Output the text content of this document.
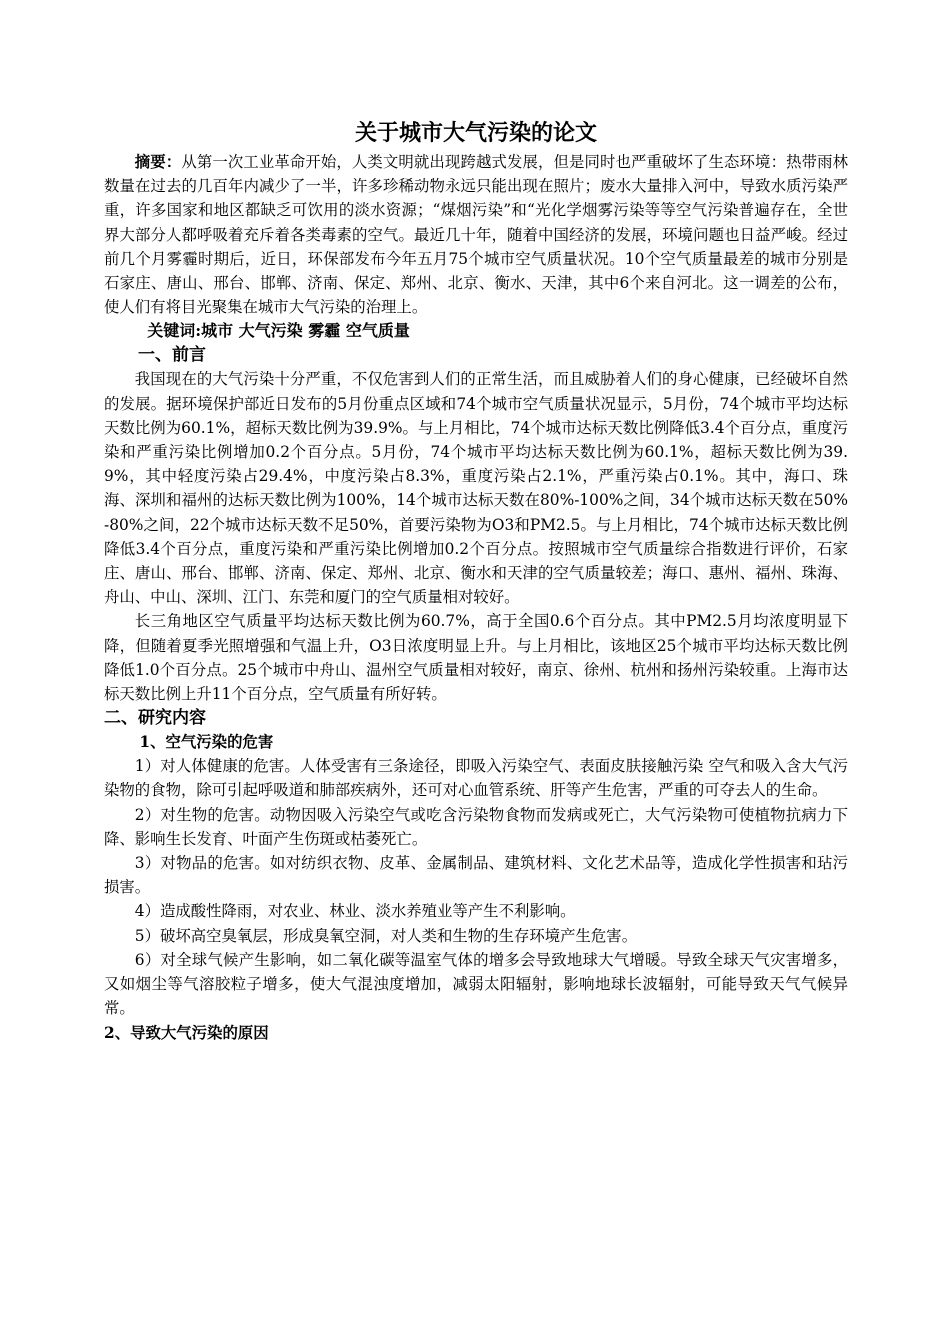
关于城市大气污染的论文

摘要：从第一次工业革命开始，人类文明就出现跨越式发展，但是同时也严重破坏了生态环境：热带雨林数量在过去的几百年内减少了一半，许多珍稀动物永远只能出现在照片；废水大量排入河中，导致水质污染严重，许多国家和地区都缺乏可饮用的淡水资源；“煤烟污染”和“光化学烟雾污染等等空气污染普遍存在，全世界大部分人都呼吸着充斥着各类毒素的空气。最近几十年，随着中国经济的发展，环境问题也日益严峻。经过前几个月雾霾时期后，近日，环保部发布今年五月75个城市空气质量状况。10个空气质量最差的城市分别是石家庄、唐山、邢台、邯郸、济南、保定、郑州、北京、衡水、天津，其中6个来自河北。这一调差的公布，使人们有将目光聚集在城市大气污染的治理上。

关键词:城市 大气污染 雾霾 空气质量
一、前言

我国现在的大气污染十分严重，不仅危害到人们的正常生活，而且威胁着人们的身心健康，已经破坏自然的发展。据环境保护部近日发布的5月份重点区域和74个城市空气质量状况显示，5月份，74个城市平均达标天数比例为60.1%，超标天数比例为39.9%。与上月相比，74个城市达标天数比例降低3.4个百分点，重度污染和严重污染比例增加0.2个百分点。5月份，74个城市平均达标天数比例为60.1%，超标天数比例为39.9%，其中轻度污染占29.4%，中度污染占8.3%，重度污染占2.1%，严重污染占0.1%。其中，海口、珠海、深圳和福州的达标天数比例为100%，14个城市达标天数在80%-100%之间，34个城市达标天数在50%-80%之间，22个城市达标天数不足50%，首要污染物为O3和PM2.5。与上月相比，74个城市达标天数比例降低3.4个百分点，重度污染和严重污染比例增加0.2个百分点。按照城市空气质量综合指数进行评价，石家庄、唐山、邢台、邯郸、济南、保定、郑州、北京、衡水和天津的空气质量较差；海口、惠州、福州、珠海、舟山、中山、深圳、江门、东莞和厦门的空气质量相对较好。

长三角地区空气质量平均达标天数比例为60.7%，高于全国0.6个百分点。其中PM2.5月均浓度明显下降，但随着夏季光照增强和气温上升，O3日浓度明显上升。与上月相比，该地区25个城市平均达标天数比例降低1.0个百分点。25个城市中舟山、温州空气质量相对较好，南京、徐州、杭州和扬州污染较重。上海市达标天数比例上升11个百分点，空气质量有所好转。

二、研究内容
1、空气污染的危害

1）对人体健康的危害。人体受害有三条途径，即吸入污染空气、表面皮肤接触污染 空气和吸入含大气污染物的食物，除可引起呼吸道和肺部疾病外，还可对心血管系统、肝等产生危害，严重的可夺去人的生命。

2）对生物的危害。动物因吸入污染空气或吃含污染物食物而发病或死亡，大气污染物可使植物抗病力下降、影响生长发育、叶面产生伤斑或枯萎死亡。

3）对物品的危害。如对纺织衣物、皮革、金属制品、建筑材料、文化艺术品等，造成化学性损害和玷污损害。

4）造成酸性降雨，对农业、林业、淡水养殖业等产生不利影响。

5）破坏高空臭氧层，形成臭氧空洞，对人类和生物的生存环境产生危害。

6）对全球气候产生影响，如二氧化碳等温室气体的增多会导致地球大气增暖。导致全球天气灾害增多，又如烟尘等气溶胶粒子增多，使大气混浊度增加，减弱太阳辐射，影响地球长波辐射，可能导致天气气候异常。

2、导致大气污染的原因
